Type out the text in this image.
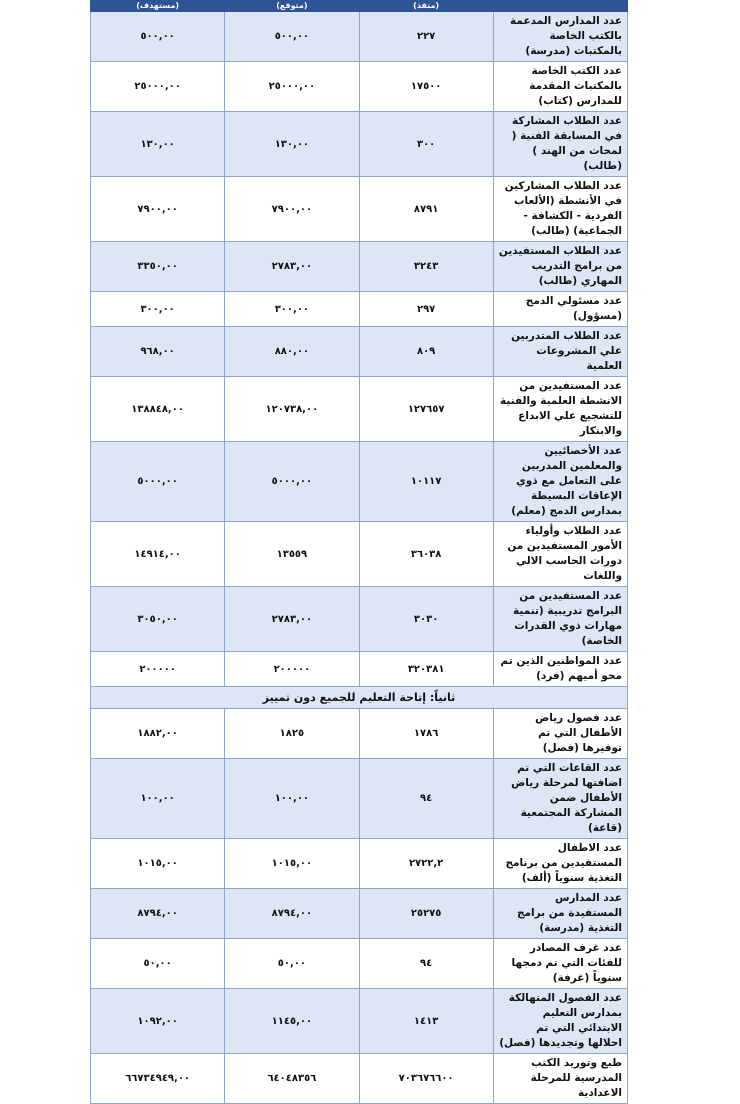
	(منفذ)	(متوقع)	(مستهدف)
عدد المدارس المدعمة بالكتب الخاصة بالمكتبات (مدرسة)	٢٢٧	٥٠٠,٠٠	٥٠٠,٠٠
عدد الكتب الخاصة بالمكتبات المقدمة للمدارس (كتاب)	١٧٥٠٠	٢٥٠٠٠,٠٠	٢٥٠٠٠,٠٠
عدد الطلاب المشاركة في المسابقة الفنية ( لمحات من الهند ) (طالب)	٣٠٠	١٣٠,٠٠	١٣٠,٠٠
عدد الطلاب المشاركين في الأنشطة (الألعاب الفردية - الكشافة - الجماعية) (طالب)	٨٧٩١	٧٩٠٠,٠٠	٧٩٠٠,٠٠
عدد الطلاب المستفيدين من برامج التدريب المهاري (طالب)	٣٢٤٣	٢٧٨٣,٠٠	٣٣٥٠,٠٠
عدد مسئولي الدمج (مسؤول)	٢٩٧	٣٠٠,٠٠	٣٠٠,٠٠
عدد الطلاب المتدربين علي المشروعات العلمية	٨٠٩	٨٨٠,٠٠	٩٦٨,٠٠
عدد المستفيدين من الانشطة العلمية والفنية للتشجيع علي الابداع والابتكار	١٢٧٦٥٧	١٢٠٧٣٨,٠٠	١٣٨٨٤٨,٠٠
عدد الأخصائيين والمعلمين المدربين على التعامل مع ذوي الإعاقات البسيطة بمدارس الدمج (معلم)	١٠١١٧	٥٠٠٠,٠٠	٥٠٠٠,٠٠
عدد الطلاب وأولياء الأمور المستفيدين من دورات الحاسب الالي واللغات	٣٦٠٣٨	١٣٥٥٩	١٤٩١٤,٠٠
عدد المستفيدين من البرامج تدريبية (تنمية مهارات ذوي القدرات الخاصة)	٣٠٣٠	٢٧٨٣,٠٠	٣٠٥٠,٠٠
عدد المواطنين الذين تم محو أميهم (فرد)	٣٢٠٣٨١	٢٠٠٠٠٠	٢٠٠٠٠٠
ثانياً: إتاحة التعليم للجميع دون تمييز			
عدد فصول رياض الأطفال التي تم توفيرها (فصل)	١٧٨٦	١٨٢٥	١٨٨٢,٠٠
عدد القاعات التي تم اضافتها لمرحلة رياض الأطفال ضمن المشاركة المجتمعية (قاعة)	٩٤	١٠٠,٠٠	١٠٠,٠٠
عدد الاطفال المستفيدين من برنامج التغذية سنوياً (ألف)	٢٧٢٢,٢	١٠١٥,٠٠	١٠١٥,٠٠
عدد المدارس المستفيدة من برامج التغذية (مدرسة)	٢٥٢٧٥	٨٧٩٤,٠٠	٨٧٩٤,٠٠
عدد غرف المصادر للفئات التي تم دمجها سنوياً (غرفة)	٩٤	٥٠,٠٠	٥٠,٠٠
عدد الفصول المتهالكة بمدارس التعليم الابتدائي التي تم احلالها وتجديدها (فصل)	١٤١٣	١١٤٥,٠٠	١٠٩٢,٠٠
طبع وتوريد الكتب المدرسية للمرحلة الاعدادية	٧٠٣٦٧٦٦٠٠	٦٤٠٤٨٣٥٦	٦٦٧٣٤٩٤٩,٠٠
